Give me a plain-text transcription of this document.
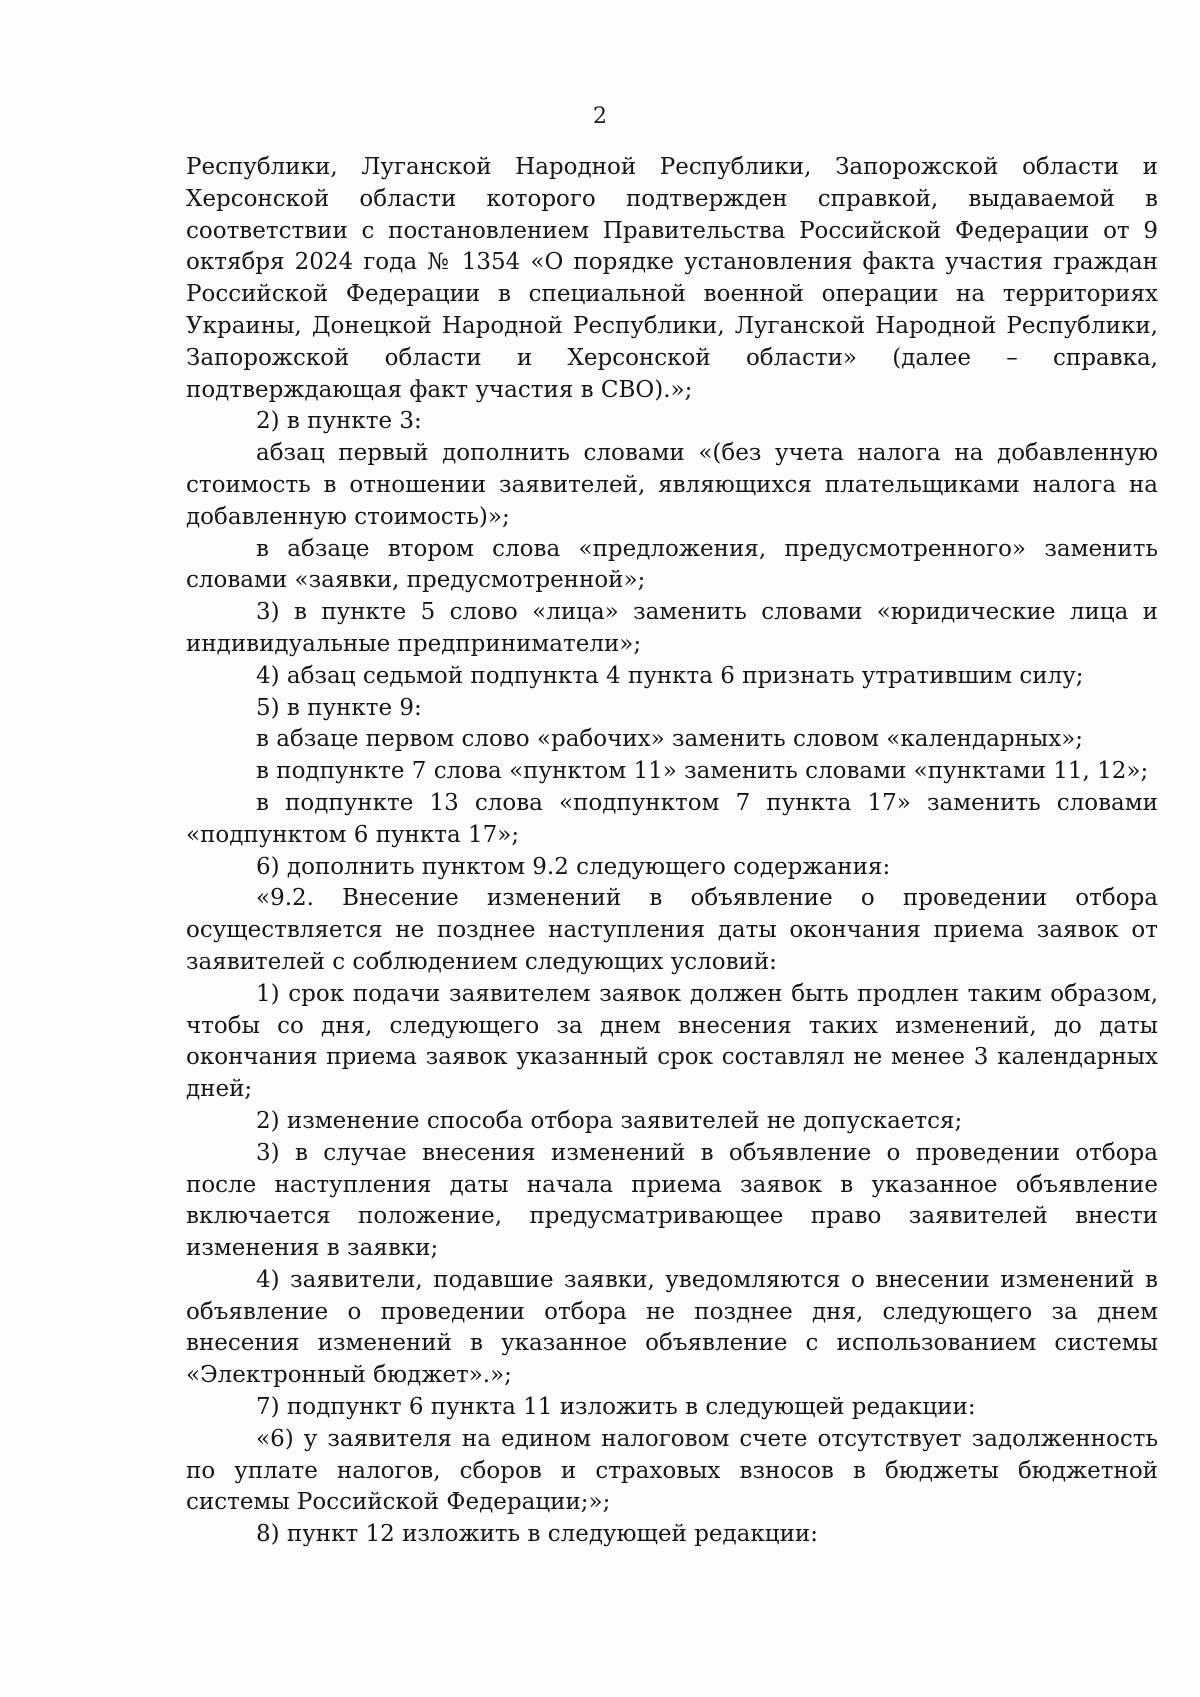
2

Республики, Луганской Народной Республики, Запорожской области и Херсонской области которого подтвержден справкой, выдаваемой в соответствии с постановлением Правительства Российской Федерации от 9 октября 2024 года № 1354 «О порядке установления факта участия граждан Российской Федерации в специальной военной операции на территориях Украины, Донецкой Народной Республики, Луганской Народной Республики, Запорожской области и Херсонской области» (далее – справка, подтверждающая факт участия в СВО).»;

2) в пункте 3:

абзац первый дополнить словами «(без учета налога на добавленную стоимость в отношении заявителей, являющихся плательщиками налога на добавленную стоимость)»;

в абзаце втором слова «предложения, предусмотренного» заменить словами «заявки, предусмотренной»;

3) в пункте 5 слово «лица» заменить словами «юридические лица и индивидуальные предприниматели»;

4) абзац седьмой подпункта 4 пункта 6 признать утратившим силу;

5) в пункте 9:

в абзаце первом слово «рабочих» заменить словом «календарных»;

в подпункте 7 слова «пунктом 11» заменить словами «пунктами 11, 12»;

в подпункте 13 слова «подпунктом 7 пункта 17» заменить словами «подпунктом 6 пункта 17»;

6) дополнить пунктом 9.2 следующего содержания:

«9.2. Внесение изменений в объявление о проведении отбора осуществляется не позднее наступления даты окончания приема заявок от заявителей с соблюдением следующих условий:

1) срок подачи заявителем заявок должен быть продлен таким образом, чтобы со дня, следующего за днем внесения таких изменений, до даты окончания приема заявок указанный срок составлял не менее 3 календарных дней;

2) изменение способа отбора заявителей не допускается;

3) в случае внесения изменений в объявление о проведении отбора после наступления даты начала приема заявок в указанное объявление включается положение, предусматривающее право заявителей внести изменения в заявки;

4) заявители, подавшие заявки, уведомляются о внесении изменений в объявление о проведении отбора не позднее дня, следующего за днем внесения изменений в указанное объявление с использованием системы «Электронный бюджет».»;

7) подпункт 6 пункта 11 изложить в следующей редакции:

«6) у заявителя на едином налоговом счете отсутствует задолженность по уплате налогов, сборов и страховых взносов в бюджеты бюджетной системы Российской Федерации;»;

8) пункт 12 изложить в следующей редакции:
